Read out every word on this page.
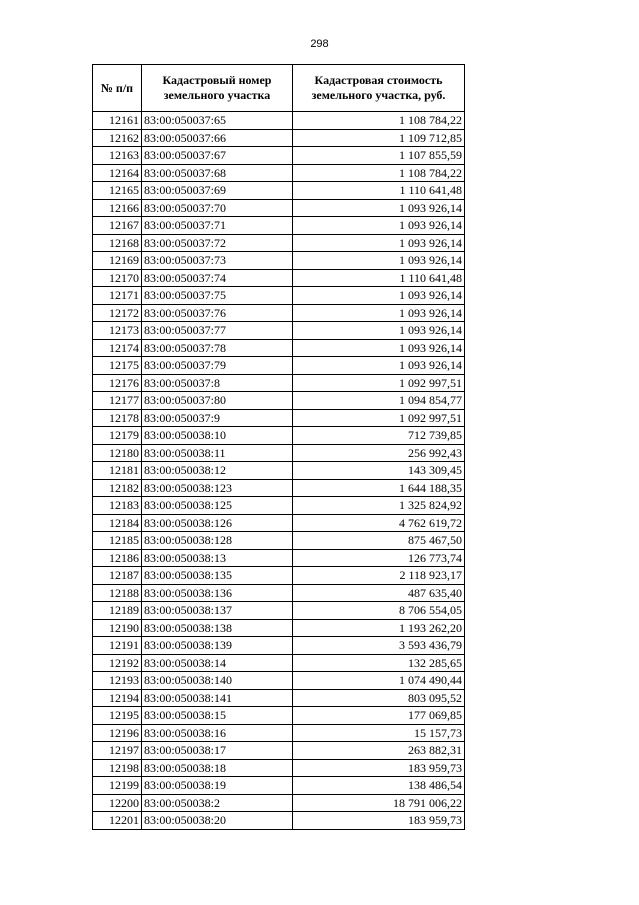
298
№ п/п	Кадастровый номер земельного участка	Кадастровая стоимость земельного участка, руб.
12161	83:00:050037:65	1 108 784,22
12162	83:00:050037:66	1 109 712,85
12163	83:00:050037:67	1 107 855,59
12164	83:00:050037:68	1 108 784,22
12165	83:00:050037:69	1 110 641,48
12166	83:00:050037:70	1 093 926,14
12167	83:00:050037:71	1 093 926,14
12168	83:00:050037:72	1 093 926,14
12169	83:00:050037:73	1 093 926,14
12170	83:00:050037:74	1 110 641,48
12171	83:00:050037:75	1 093 926,14
12172	83:00:050037:76	1 093 926,14
12173	83:00:050037:77	1 093 926,14
12174	83:00:050037:78	1 093 926,14
12175	83:00:050037:79	1 093 926,14
12176	83:00:050037:8	1 092 997,51
12177	83:00:050037:80	1 094 854,77
12178	83:00:050037:9	1 092 997,51
12179	83:00:050038:10	712 739,85
12180	83:00:050038:11	256 992,43
12181	83:00:050038:12	143 309,45
12182	83:00:050038:123	1 644 188,35
12183	83:00:050038:125	1 325 824,92
12184	83:00:050038:126	4 762 619,72
12185	83:00:050038:128	875 467,50
12186	83:00:050038:13	126 773,74
12187	83:00:050038:135	2 118 923,17
12188	83:00:050038:136	487 635,40
12189	83:00:050038:137	8 706 554,05
12190	83:00:050038:138	1 193 262,20
12191	83:00:050038:139	3 593 436,79
12192	83:00:050038:14	132 285,65
12193	83:00:050038:140	1 074 490,44
12194	83:00:050038:141	803 095,52
12195	83:00:050038:15	177 069,85
12196	83:00:050038:16	15 157,73
12197	83:00:050038:17	263 882,31
12198	83:00:050038:18	183 959,73
12199	83:00:050038:19	138 486,54
12200	83:00:050038:2	18 791 006,22
12201	83:00:050038:20	183 959,73
